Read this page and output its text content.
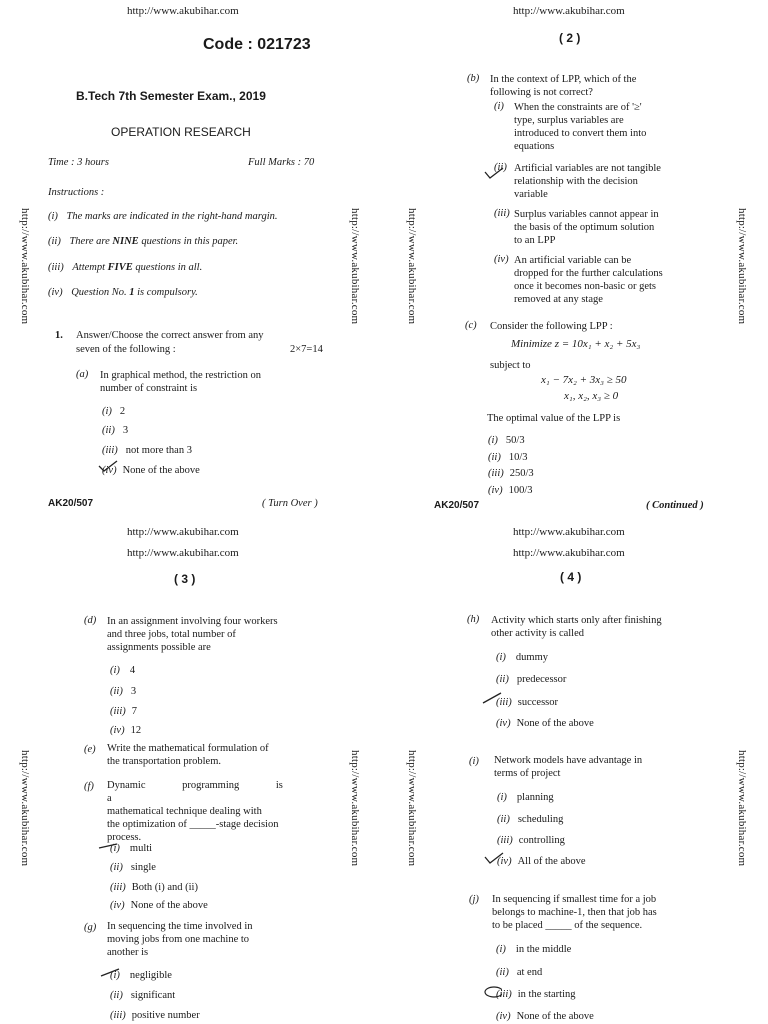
http://www.akubihar.com
Code : 021723
B.Tech 7th Semester Exam., 2019
OPERATION RESEARCH
Time : 3 hours	Full Marks : 70
Instructions :
(i) The marks are indicated in the right-hand margin.
(ii) There are NINE questions in this paper.
(iii) Attempt FIVE questions in all.
(iv) Question No. 1 is compulsory.
1. Answer/Choose the correct answer from any
seven of the following :	2×7=14
(a) In graphical method, the restriction on
number of constraint is
(i) 2
(ii) 3
(iii) not more than 3
(iv) None of the above
AK20/507	( Turn Over )
http://www.akubihar.com	http://www.akubihar.com
http://www.akubihar.com
( 2 )
(b) In the context of LPP, which of the
following is not correct?
(i) When the constraints are of '≥'
type, surplus variables are
introduced to convert them into
equations
(ii) Artificial variables are not tangible
relationship with the decision
variable
(iii) Surplus variables cannot appear in
the basis of the optimum solution
to an LPP
(iv) An artificial variable can be
dropped for the further calculations
once it becomes non-basic or gets
removed at any stage
(c) Consider the following LPP :
Minimize z = 10x₁ + x₂ + 5x₃
subject to
x₁ − 7x₂ + 3x₃ ≥ 50
x₁, x₂, x₃ ≥ 0
The optimal value of the LPP is
(i) 50/3
(ii) 10/3
(iii) 250/3
(iv) 100/3
AK20/507	( Continued )
http://www.akubihar.com	http://www.akubihar.com
http://www.akubihar.com
http://www.akubihar.com
( 3 )
(d) In an assignment involving four workers
and three jobs, total number of
assignments possible are
(i) 4
(ii) 3
(iii) 7
(iv) 12
(e) Write the mathematical formulation of
the transportation problem.
(f) Dynamic programming is a
mathematical technique dealing with
the optimization of _____-stage decision
process.
(i) multi
(ii) single
(iii) Both (i) and (ii)
(iv) None of the above
(g) In sequencing the time involved in
moving jobs from one machine to
another is
(i) negligible
(ii) significant
(iii) positive number
http://www.akubihar.com	http://www.akubihar.com
http://www.akubihar.com
http://www.akubihar.com
( 4 )
(h) Activity which starts only after finishing
other activity is called
(i) dummy
(ii) predecessor
(iii) successor
(iv) None of the above
(i) Network models have advantage in
terms of project
(i) planning
(ii) scheduling
(iii) controlling
(iv) All of the above
(j) In sequencing if smallest time for a job
belongs to machine-1, then that job has
to be placed _____ of the sequence.
(i) in the middle
(ii) at end
(iii) in the starting
(iv) None of the above
http://www.akubihar.com	http://www.akubihar.com
